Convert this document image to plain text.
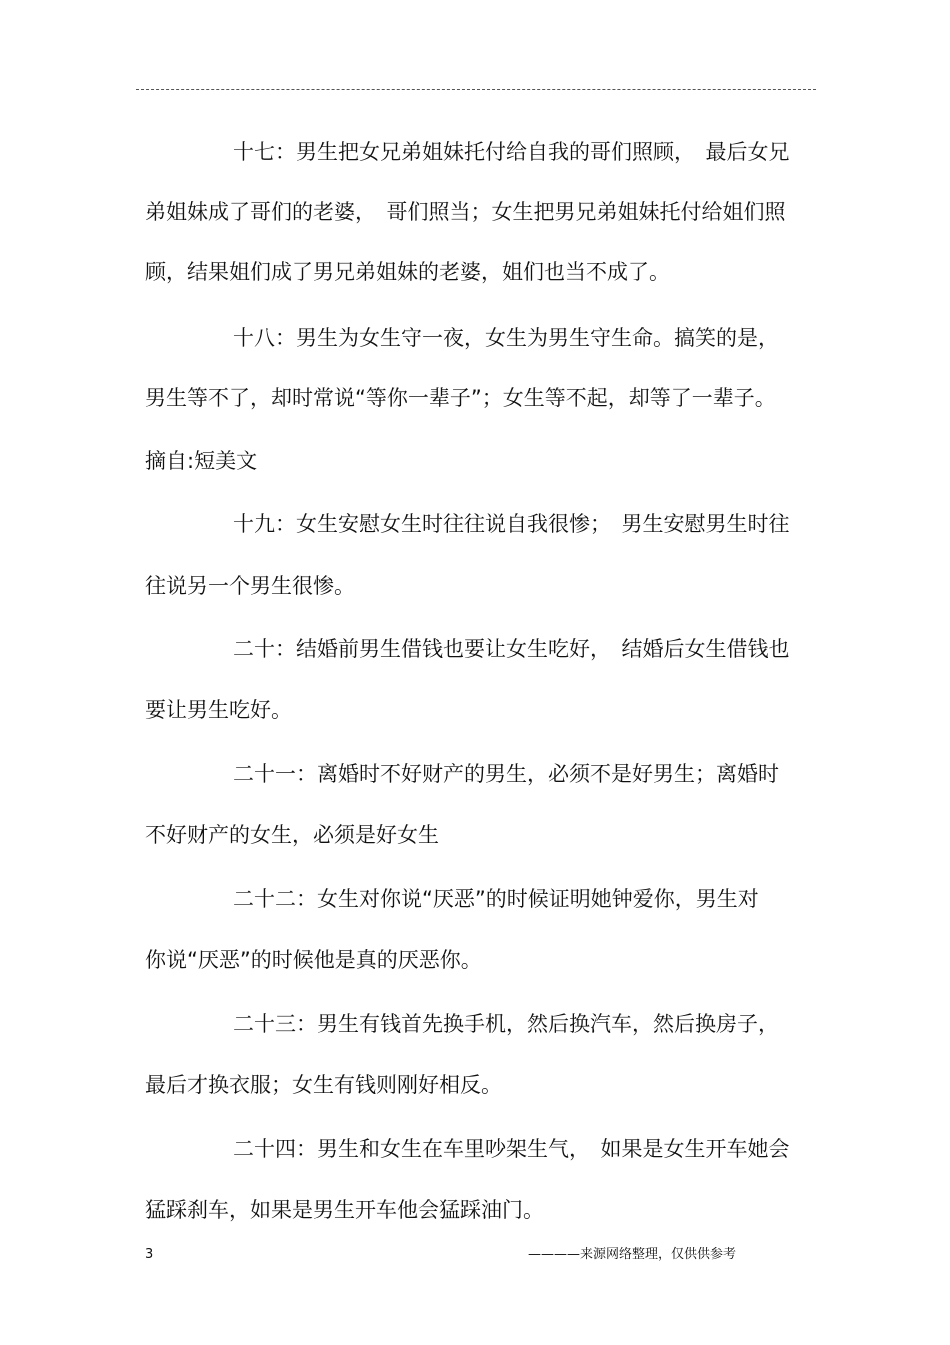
十七：男生把女兄弟姐妹托付给自我的哥们照顾，　最后女兄
弟姐妹成了哥们的老婆，　哥们照当；女生把男兄弟姐妹托付给姐们照
顾，结果姐们成了男兄弟姐妹的老婆，姐们也当不成了。
十八：男生为女生守一夜，女生为男生守生命。搞笑的是，
男生等不了，却时常说“等你一辈子”；女生等不起，却等了一辈子。
摘自:短美文
十九：女生安慰女生时往往说自我很惨；　男生安慰男生时往
往说另一个男生很惨。
二十：结婚前男生借钱也要让女生吃好，　结婚后女生借钱也
要让男生吃好。
二十一：离婚时不好财产的男生，必须不是好男生；离婚时
不好财产的女生，必须是好女生
二十二：女生对你说“厌恶”的时候证明她钟爱你，男生对
你说“厌恶”的时候他是真的厌恶你。
二十三：男生有钱首先换手机，然后换汽车，然后换房子，
最后才换衣服；女生有钱则刚好相反。
二十四：男生和女生在车里吵架生气，　如果是女生开车她会
猛踩刹车，如果是男生开车他会猛踩油门。
3	————来源网络整理，仅供供参考
